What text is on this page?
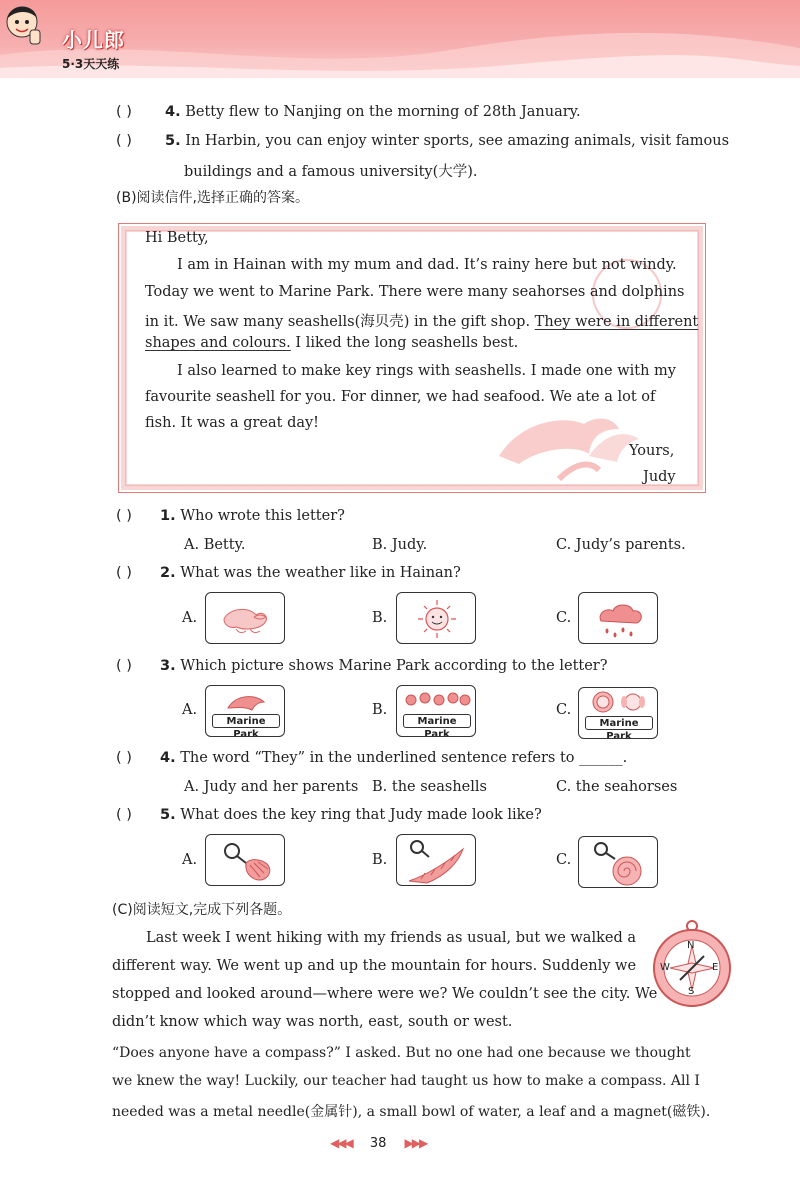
小儿郎
5·3天天练
( ) 4. Betty flew to Nanjing on the morning of 28th January.
( ) 5. In Harbin, you can enjoy winter sports, see amazing animals, visit famous
buildings and a famous university(大学).
(B)阅读信件,选择正确的答案。
Hi Betty,
I am in Hainan with my mum and dad. It’s rainy here but not windy.
Today we went to Marine Park. There were many seahorses and dolphins
in it. We saw many seashells(海贝壳) in the gift shop. They were in different
shapes and colours. I liked the long seashells best.
I also learned to make key rings with seashells. I made one with my
favourite seashell for you. For dinner, we had seafood. We ate a lot of
fish. It was a great day!
Yours,
Judy
( ) 1. Who wrote this letter?
A. Betty.	B. Judy.	C. Judy’s parents.
( ) 2. What was the weather like in Hainan?
A.	B.	C.
( ) 3. Which picture shows Marine Park according to the letter?
A.
Marine Park
B.
Marine Park
C.
Marine Park
( ) 4. The word “They” in the underlined sentence refers to ______.
A. Judy and her parents B. the seashells	C. the seahorses
( ) 5. What does the key ring that Judy made look like?
A.	B.	C.
(C)阅读短文,完成下列各题。
Last week I went hiking with my friends as usual, but we walked a
different way. We went up and up the mountain for hours. Suddenly we
stopped and looked around—where were we? We couldn’t see the city. We
didn’t know which way was north, east, south or west.
“Does anyone have a compass?” I asked. But no one had one because we thought
we knew the way! Luckily, our teacher had taught us how to make a compass. All I
needed was a metal needle(金属针), a small bowl of water, a leaf and a magnet(磁铁).
N
S
E
W
◀◀◀ 38 ▶▶▶
